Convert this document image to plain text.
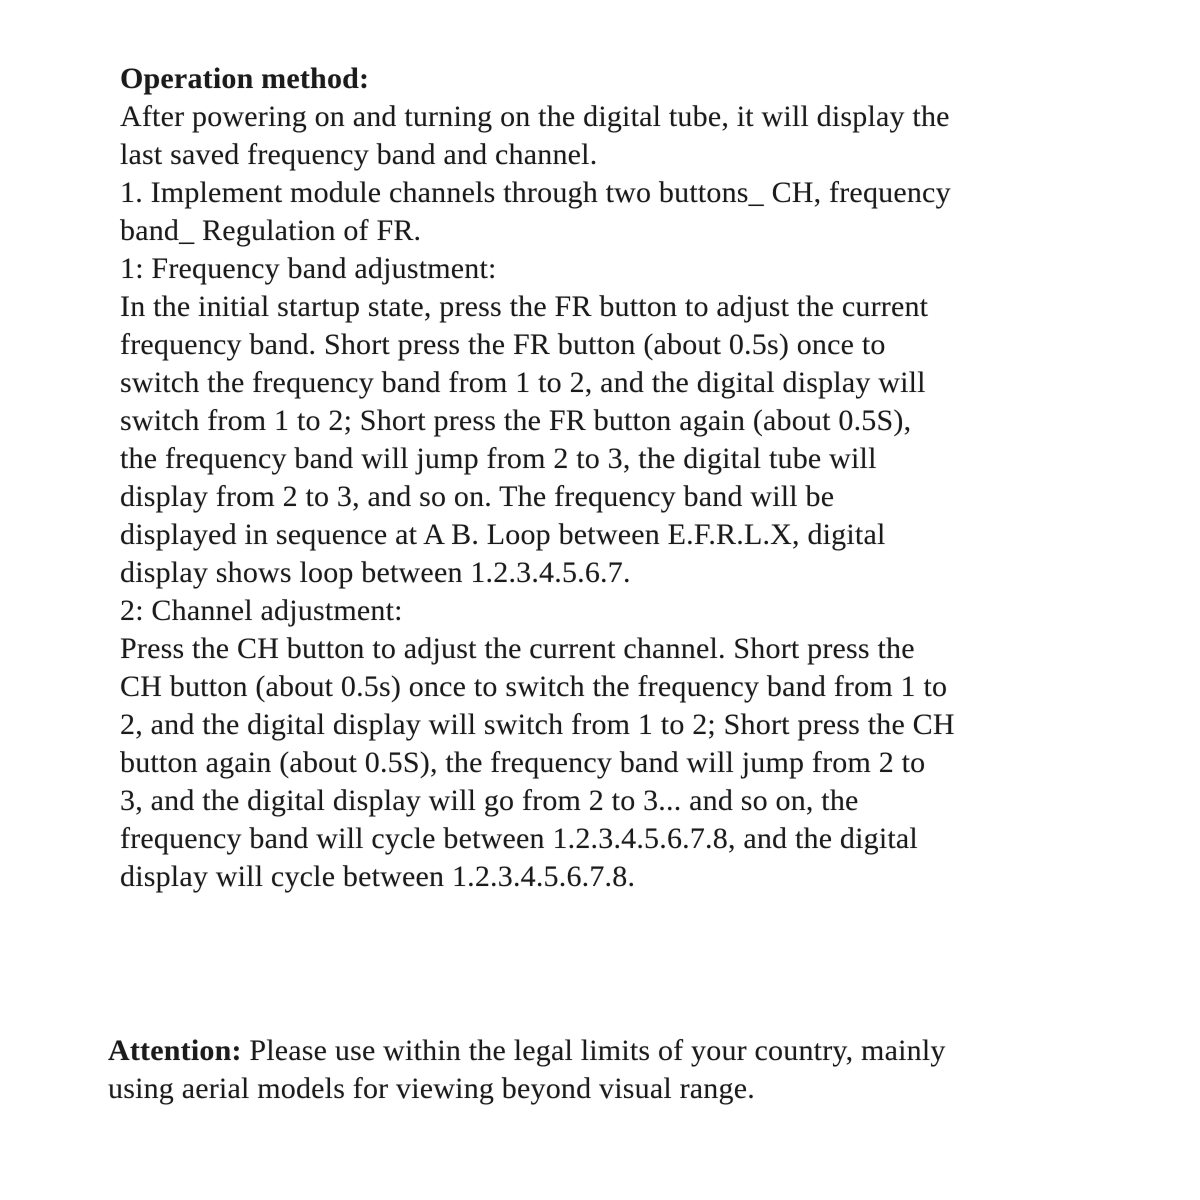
Operation method:
After powering on and turning on the digital tube, it will display the
last saved frequency band and channel.
1. Implement module channels through two buttons_ CH, frequency
band_ Regulation of FR.
1: Frequency band adjustment:
In the initial startup state, press the FR button to adjust the current
frequency band. Short press the FR button (about 0.5s) once to
switch the frequency band from 1 to 2, and the digital display will
switch from 1 to 2; Short press the FR button again (about 0.5S),
the frequency band will jump from 2 to 3, the digital tube will
display from 2 to 3, and so on. The frequency band will be
displayed in sequence at A B. Loop between E.F.R.L.X, digital
display shows loop between 1.2.3.4.5.6.7.
2: Channel adjustment:
Press the CH button to adjust the current channel. Short press the
CH button (about 0.5s) once to switch the frequency band from 1 to
2, and the digital display will switch from 1 to 2; Short press the CH
button again (about 0.5S), the frequency band will jump from 2 to
3, and the digital display will go from 2 to 3... and so on, the
frequency band will cycle between 1.2.3.4.5.6.7.8, and the digital
display will cycle between 1.2.3.4.5.6.7.8.
Attention: Please use within the legal limits of your country, mainly
using aerial models for viewing beyond visual range.
